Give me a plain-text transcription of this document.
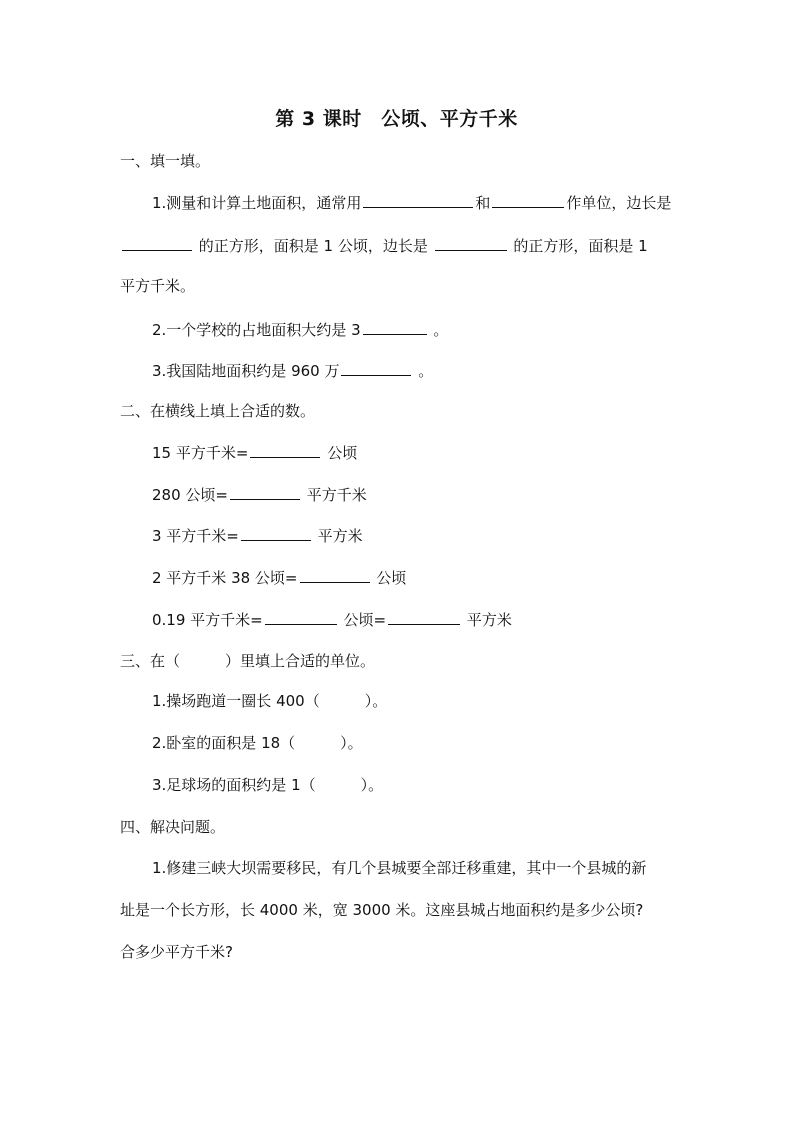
第 3 课时　公顷、平方千米
一、填一填。
1.测量和计算土地面积，通常用	和	作单位，边长是
的正方形，面积是 1 公顷，边长是	的正方形，面积是 1
平方千米。
2.一个学校的占地面积大约是 3	。
3.我国陆地面积约是 960 万	。
二、在横线上填上合适的数。
15 平方千米=	公顷
280 公顷=	平方千米
3 平方千米=	平方米
2 平方千米 38 公顷=	公顷
0.19 平方千米=	公顷=	平方米
三、在（　　　）里填上合适的单位。
1.操场跑道一圈长 400（　　　）。
2.卧室的面积是 18（　　　）。
3.足球场的面积约是 1（　　　）。
四、解决问题。
1.修建三峡大坝需要移民，有几个县城要全部迁移重建，其中一个县城的新
址是一个长方形，长 4000 米，宽 3000 米。这座县城占地面积约是多少公顷?
合多少平方千米?
